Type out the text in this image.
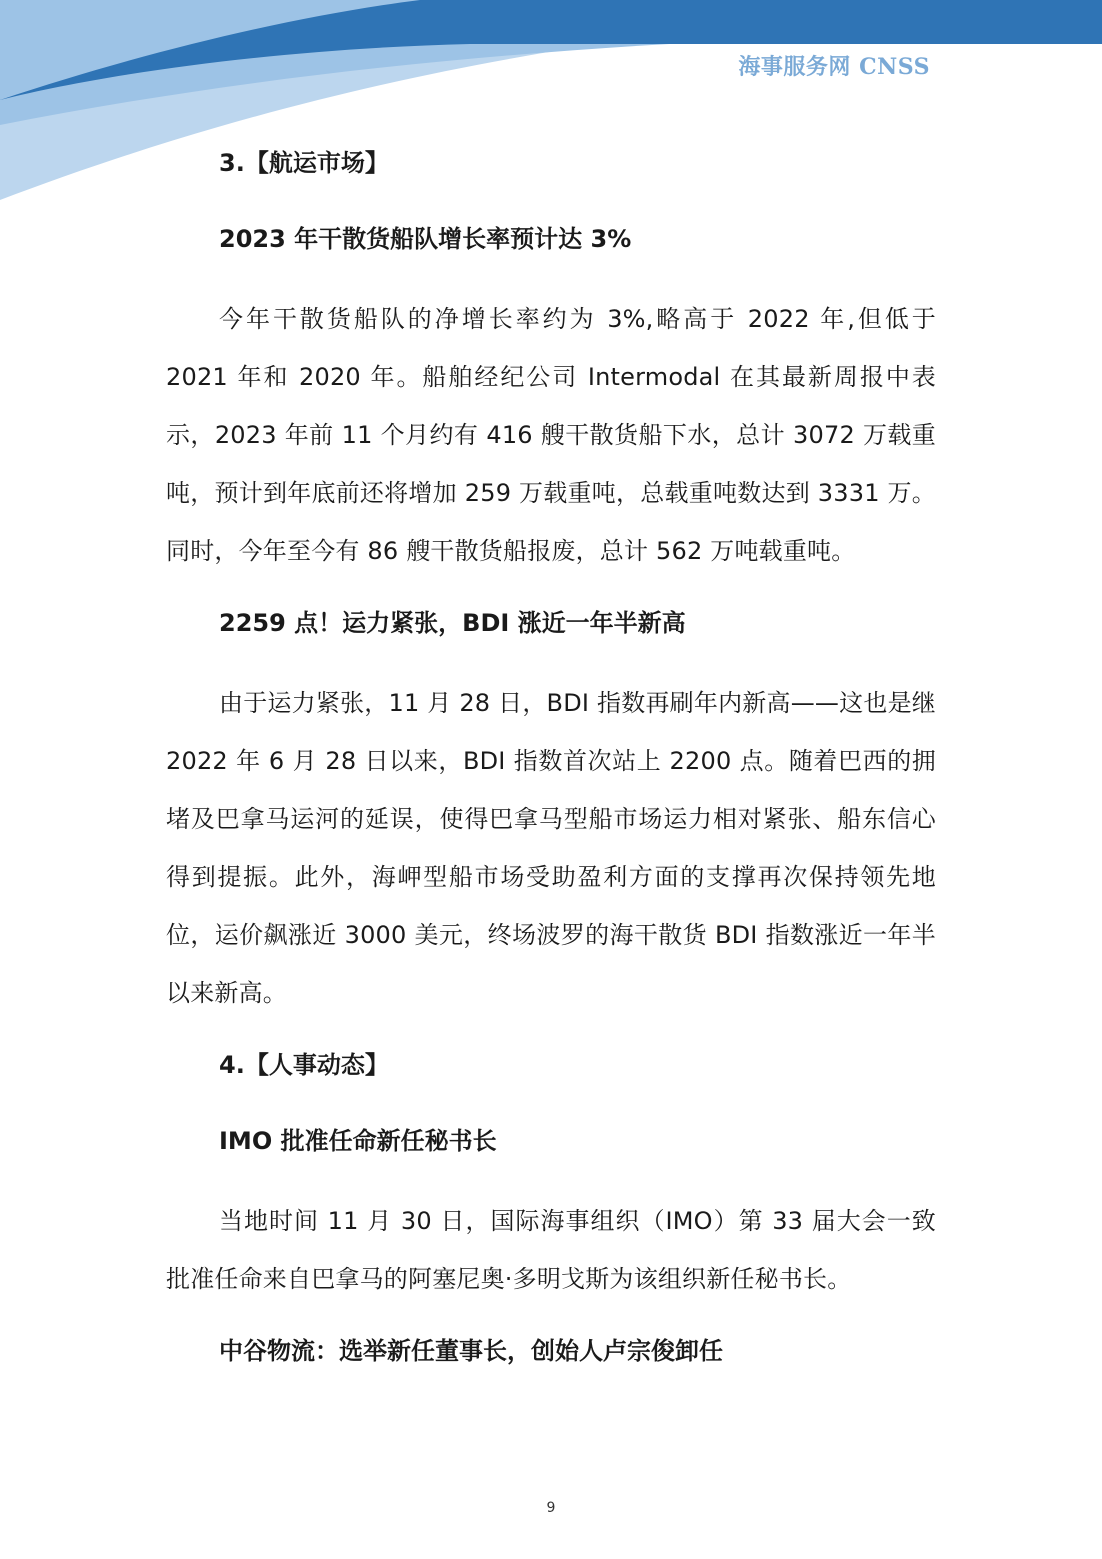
海事服务网 CNSS
3.【航运市场】
2023 年干散货船队增长率预计达 3%

今年干散货船队的净增长率约为 3%,略高于 2022 年,但低于 2021 年和 2020 年。船舶经纪公司 Intermodal 在其最新周报中表示，2023 年前 11 个月约有 416 艘干散货船下水，总计 3072 万载重吨，预计到年底前还将增加 259 万载重吨，总载重吨数达到 3331 万。同时，今年至今有 86 艘干散货船报废，总计 562 万吨载重吨。

2259 点！运力紧张，BDI 涨近一年半新高

由于运力紧张，11 月 28 日，BDI 指数再刷年内新高——这也是继 2022 年 6 月 28 日以来，BDI 指数首次站上 2200 点。随着巴西的拥堵及巴拿马运河的延误，使得巴拿马型船市场运力相对紧张、船东信心得到提振。此外，海岬型船市场受助盈利方面的支撑再次保持领先地位，运价飙涨近 3000 美元，终场波罗的海干散货 BDI 指数涨近一年半以来新高。

4.【人事动态】
IMO 批准任命新任秘书长

当地时间 11 月 30 日，国际海事组织（IMO）第 33 届大会一致批准任命来自巴拿马的阿塞尼奥·多明戈斯为该组织新任秘书长。

中谷物流：选举新任董事长，创始人卢宗俊卸任
9
